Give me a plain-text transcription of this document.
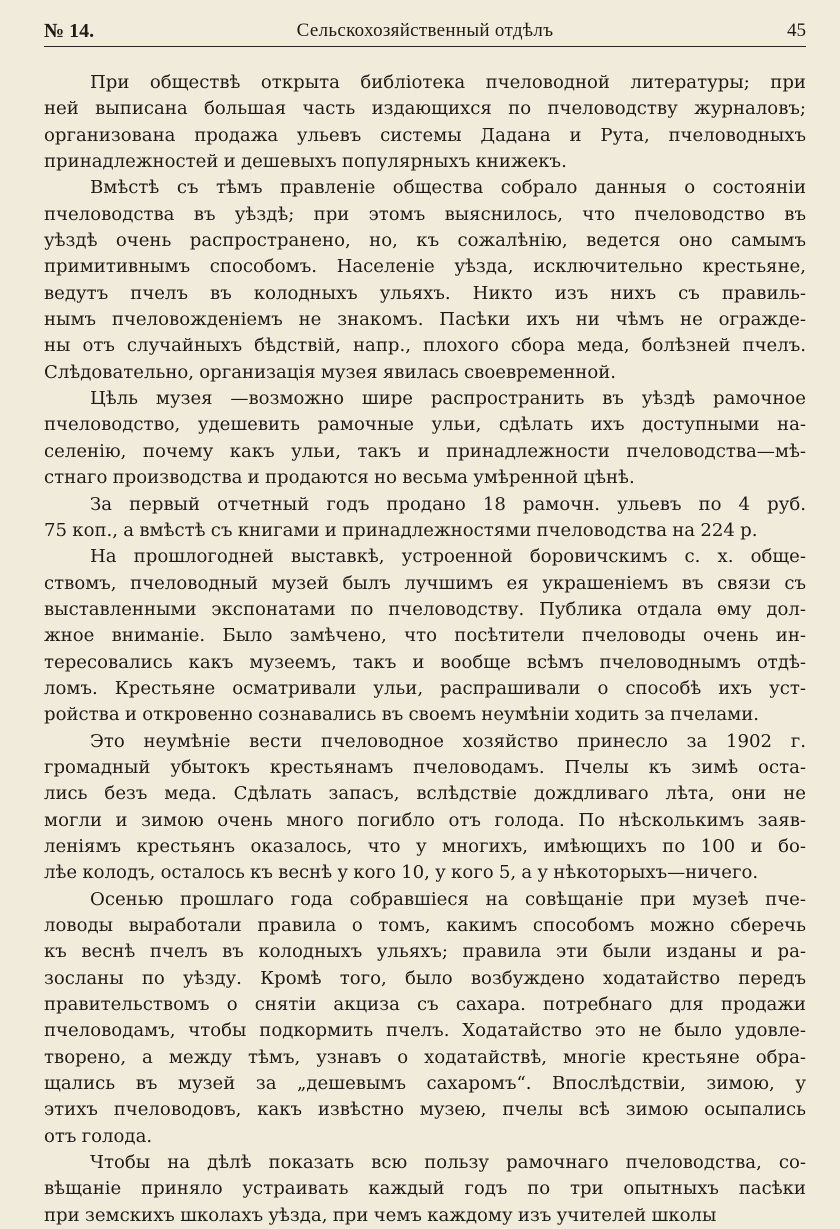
№ 14.	Сельскохозяйственный отдѣлъ	45
При обществѣ открыта библіотека пчеловодной литературы; при
ней выписана большая часть издающихся по пчеловодству журналовъ;
организована продажа ульевъ системы Дадана и Рута, пчеловодныхъ
принадлежностей и дешевыхъ популярныхъ книжекъ.
Вмѣстѣ съ тѣмъ правленіе общества собрало данныя о состояніи
пчеловодства въ уѣздѣ; при этомъ выяснилось, что пчеловодство въ
уѣздѣ очень распространено, но, къ сожалѣнію, ведется оно самымъ
примитивнымъ способомъ. Населеніе уѣзда, исключительно крестьяне,
ведутъ пчелъ въ колодныхъ ульяхъ. Никто изъ нихъ съ правиль-
нымъ пчеловожденіемъ не знакомъ. Пасѣки ихъ ни чѣмъ не огражде-
ны отъ случайныхъ бѣдствій, напр., плохого сбора меда, болѣзней пчелъ.
Слѣдовательно, организація музея явилась своевременной.
Цѣль музея —возможно шире распространить въ уѣздѣ рамочное
пчеловодство, удешевить рамочные ульи, сдѣлать ихъ доступными на-
селенію, почему какъ ульи, такъ и принадлежности пчеловодства—мѣ-
стнаго производства и продаются но весьма умѣренной цѣнѣ.
За первый отчетный годъ продано 18 рамочн. ульевъ по 4 руб.
75 коп., а вмѣстѣ съ книгами и принадлежностями пчеловодства на 224 р.
На прошлогодней выставкѣ, устроенной боровичскимъ с. х. обще-
ствомъ, пчеловодный музей былъ лучшимъ ея украшеніемъ въ связи съ
выставленными экспонатами по пчеловодству. Публика отдала ѳму дол-
жное вниманіе. Было замѣчено, что посѣтители пчеловоды очень ин-
тересовались какъ музеемъ, такъ и вообще всѣмъ пчеловоднымъ отдѣ-
ломъ. Крестьяне осматривали ульи, распрашивали о способѣ ихъ уст-
ройства и откровенно сознавались въ своемъ неумѣніи ходить за пчелами.
Это неумѣніе вести пчеловодное хозяйство принесло за 1902 г.
громадный убытокъ крестьянамъ пчеловодамъ. Пчелы къ зимѣ оста-
лись безъ меда. Сдѣлать запасъ, вслѣдствіе дождливаго лѣта, они не
могли и зимою очень много погибло отъ голода. По нѣсколькимъ заяв-
леніямъ крестьянъ оказалось, что у многихъ, имѣющихъ по 100 и бо-
лѣе колодъ, осталось къ веснѣ у кого 10, у кого 5, а у нѣкоторыхъ—ничего.
Осенью прошлаго года собравшіеся на совѣщаніе при музеѣ пче-
ловоды выработали правила о томъ, какимъ способомъ можно сберечь
къ веснѣ пчелъ въ колодныхъ ульяхъ; правила эти были изданы и ра-
зосланы по уѣзду. Кромѣ того, было возбуждено ходатайство передъ
правительствомъ о снятіи акциза съ сахара. потребнаго для продажи
пчеловодамъ, чтобы подкормить пчелъ. Ходатайство это не было удовле-
творено, а между тѣмъ, узнавъ о ходатайствѣ, многіе крестьяне обра-
щались въ музей за „дешевымъ сахаромъ“. Впослѣдствіи, зимою, у
этихъ пчеловодовъ, какъ извѣстно музею, пчелы всѣ зимою осыпались
отъ голода.
Чтобы на дѣлѣ показать всю пользу рамочнаго пчеловодства, со-
вѣщаніе приняло устраивать каждый годъ по три опытныхъ пасѣки
при земскихъ школахъ уѣзда, при чемъ каждому изъ учителей школы
